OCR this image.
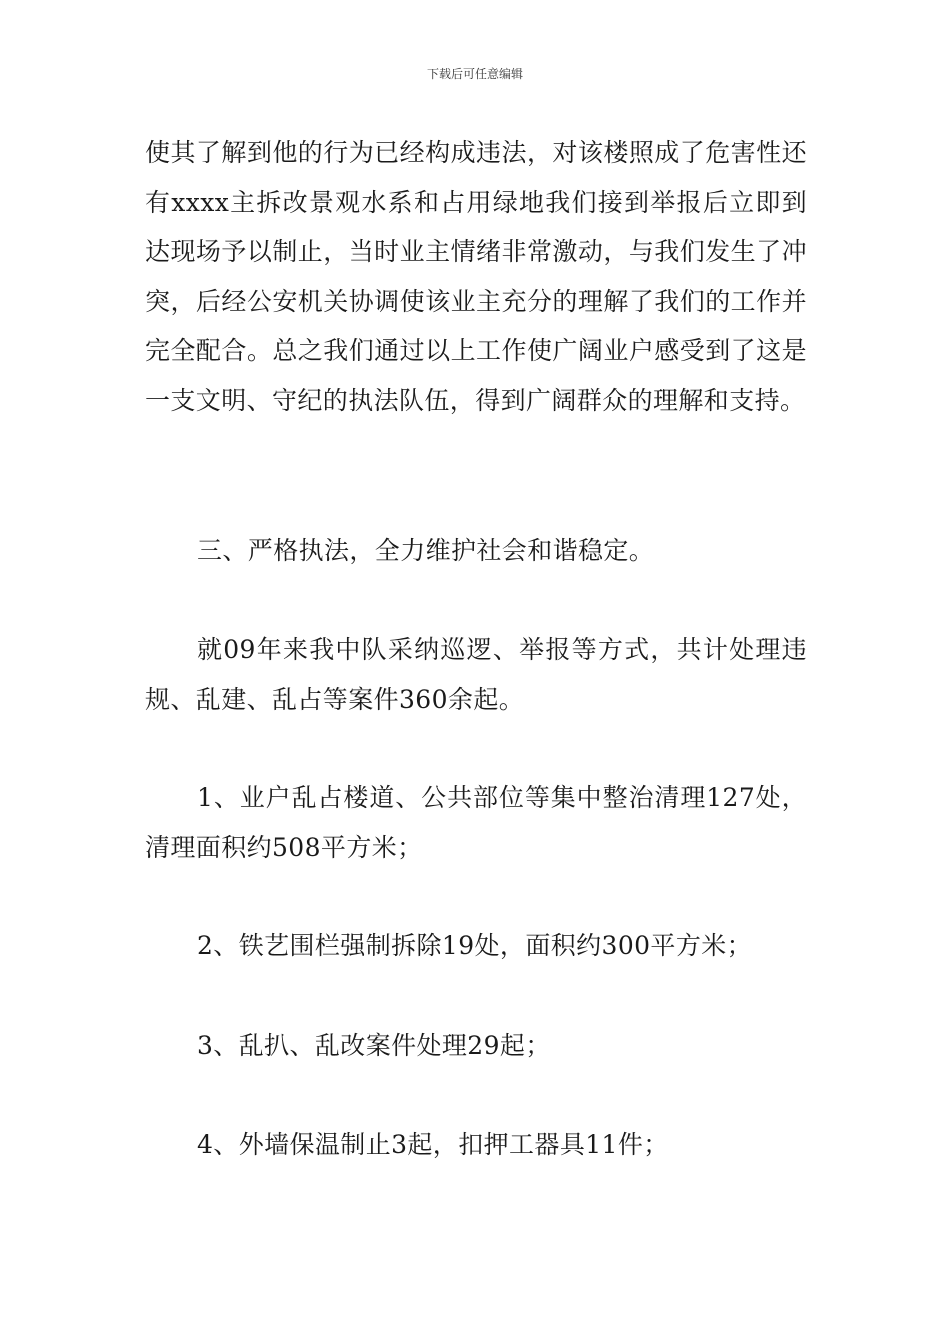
下载后可任意编辑

使其了解到他的行为已经构成违法，对该楼照成了危害性还有xxxx主拆改景观水系和占用绿地我们接到举报后立即到达现场予以制止，当时业主情绪非常激动，与我们发生了冲突，后经公安机关协调使该业主充分的理解了我们的工作并完全配合。总之我们通过以上工作使广阔业户感受到了这是一支文明、守纪的执法队伍，得到广阔群众的理解和支持。

三、严格执法，全力维护社会和谐稳定。

就09年来我中队采纳巡逻、举报等方式，共计处理违规、乱建、乱占等案件360余起。

1、业户乱占楼道、公共部位等集中整治清理127处，清理面积约508平方米；

2、铁艺围栏强制拆除19处，面积约300平方米；

3、乱扒、乱改案件处理29起；

4、外墙保温制止3起，扣押工器具11件；
